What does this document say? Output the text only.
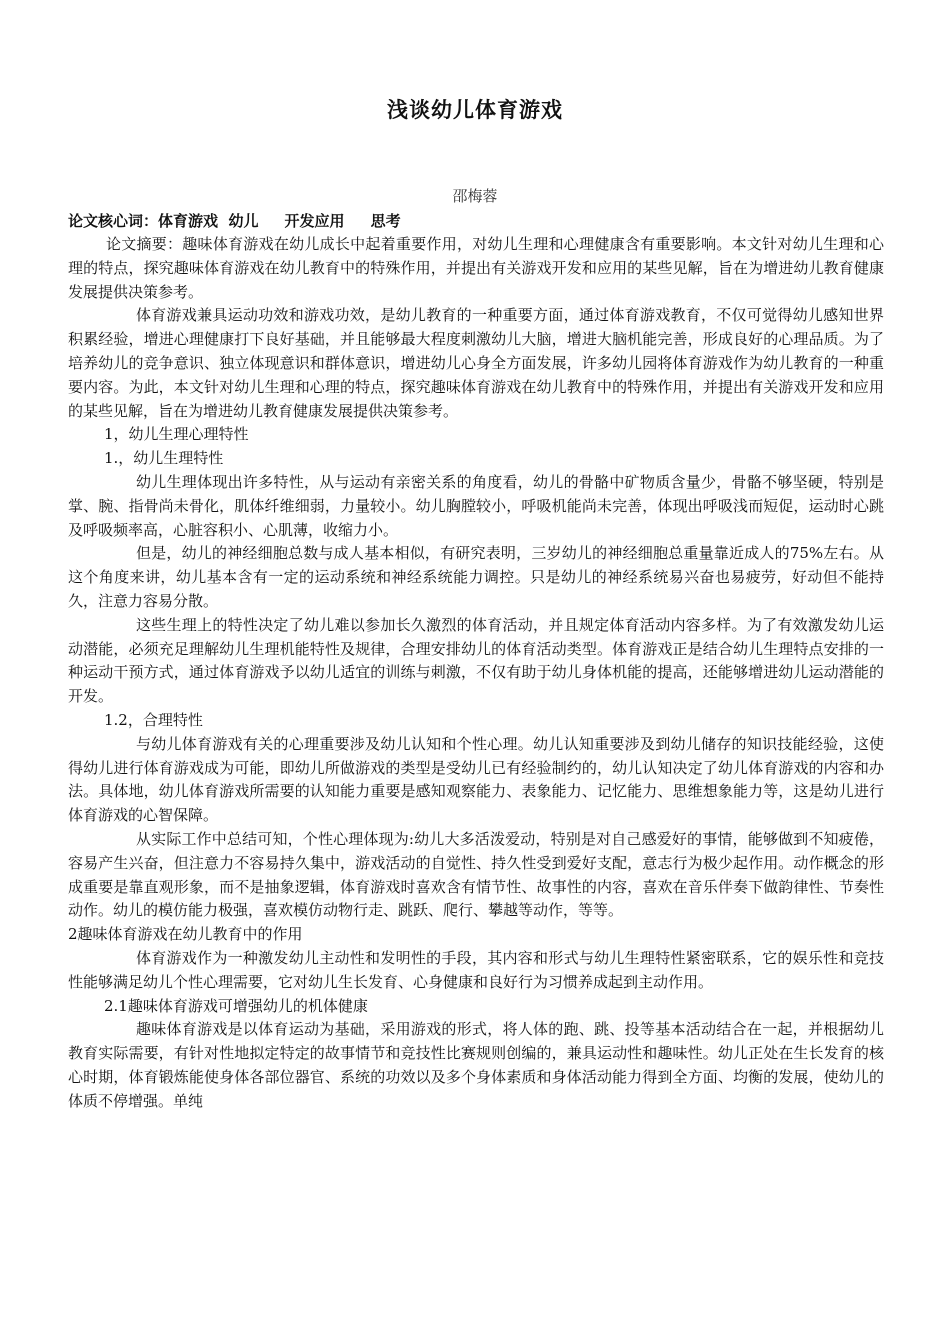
浅谈幼儿体育游戏
邵梅蓉
论文核心词：体育游戏  幼儿     开发应用     思考

论文摘要：趣味体育游戏在幼儿成长中起着重要作用，对幼儿生理和心理健康含有重要影响。本文针对幼儿生理和心理的特点，探究趣味体育游戏在幼儿教育中的特殊作用，并提出有关游戏开发和应用的某些见解，旨在为增进幼儿教育健康发展提供决策参考。

体育游戏兼具运动功效和游戏功效，是幼儿教育的一种重要方面，通过体育游戏教育，不仅可觉得幼儿感知世界积累经验，增进心理健康打下良好基础，并且能够最大程度刺激幼儿大脑，增进大脑机能完善，形成良好的心理品质。为了培养幼儿的竞争意识、独立体现意识和群体意识，增进幼儿心身全方面发展，许多幼儿园将体育游戏作为幼儿教育的一种重要内容。为此，本文针对幼儿生理和心理的特点，探究趣味体育游戏在幼儿教育中的特殊作用，并提出有关游戏开发和应用的某些见解，旨在为增进幼儿教育健康发展提供决策参考。

1，幼儿生理心理特性

1.，幼儿生理特性

幼儿生理体现出许多特性，从与运动有亲密关系的角度看，幼儿的骨骼中矿物质含量少，骨骼不够坚硬，特别是掌、腕、指骨尚未骨化，肌体纤维细弱，力量较小。幼儿胸膛较小，呼吸机能尚未完善，体现出呼吸浅而短促，运动时心跳及呼吸频率高，心脏容积小、心肌薄，收缩力小。

但是，幼儿的神经细胞总数与成人基本相似，有研究表明，三岁幼儿的神经细胞总重量靠近成人的75%左右。从这个角度来讲，幼儿基本含有一定的运动系统和神经系统能力调控。只是幼儿的神经系统易兴奋也易疲劳，好动但不能持久，注意力容易分散。

这些生理上的特性决定了幼儿难以参加长久激烈的体育活动，并且规定体育活动内容多样。为了有效激发幼儿运动潜能，必须充足理解幼儿生理机能特性及规律，合理安排幼儿的体育活动类型。体育游戏正是结合幼儿生理特点安排的一种运动干预方式，通过体育游戏予以幼儿适宜的训练与刺激，不仅有助于幼儿身体机能的提高，还能够增进幼儿运动潜能的开发。

1.2，合理特性

与幼儿体育游戏有关的心理重要涉及幼儿认知和个性心理。幼儿认知重要涉及到幼儿储存的知识技能经验，这使得幼儿进行体育游戏成为可能，即幼儿所做游戏的类型是受幼儿已有经验制约的，幼儿认知决定了幼儿体育游戏的内容和办法。具体地，幼儿体育游戏所需要的认知能力重要是感知观察能力、表象能力、记忆能力、思维想象能力等，这是幼儿进行体育游戏的心智保障。

从实际工作中总结可知，个性心理体现为:幼儿大多活泼爱动，特别是对自己感爱好的事情，能够做到不知疲倦，容易产生兴奋，但注意力不容易持久集中，游戏活动的自觉性、持久性受到爱好支配，意志行为极少起作用。动作概念的形成重要是靠直观形象，而不是抽象逻辑，体育游戏时喜欢含有情节性、故事性的内容，喜欢在音乐伴奏下做韵律性、节奏性动作。幼儿的模仿能力极强，喜欢模仿动物行走、跳跃、爬行、攀越等动作，等等。

2趣味体育游戏在幼儿教育中的作用

体育游戏作为一种激发幼儿主动性和发明性的手段，其内容和形式与幼儿生理特性紧密联系，它的娱乐性和竞技性能够满足幼儿个性心理需要，它对幼儿生长发育、心身健康和良好行为习惯养成起到主动作用。

2.1趣味体育游戏可增强幼儿的机体健康

趣味体育游戏是以体育运动为基础，采用游戏的形式，将人体的跑、跳、投等基本活动结合在一起，并根据幼儿教育实际需要，有针对性地拟定特定的故事情节和竞技性比赛规则创编的，兼具运动性和趣味性。幼儿正处在生长发育的核心时期，体育锻炼能使身体各部位器官、系统的功效以及多个身体素质和身体活动能力得到全方面、均衡的发展，使幼儿的体质不停增强。单纯
